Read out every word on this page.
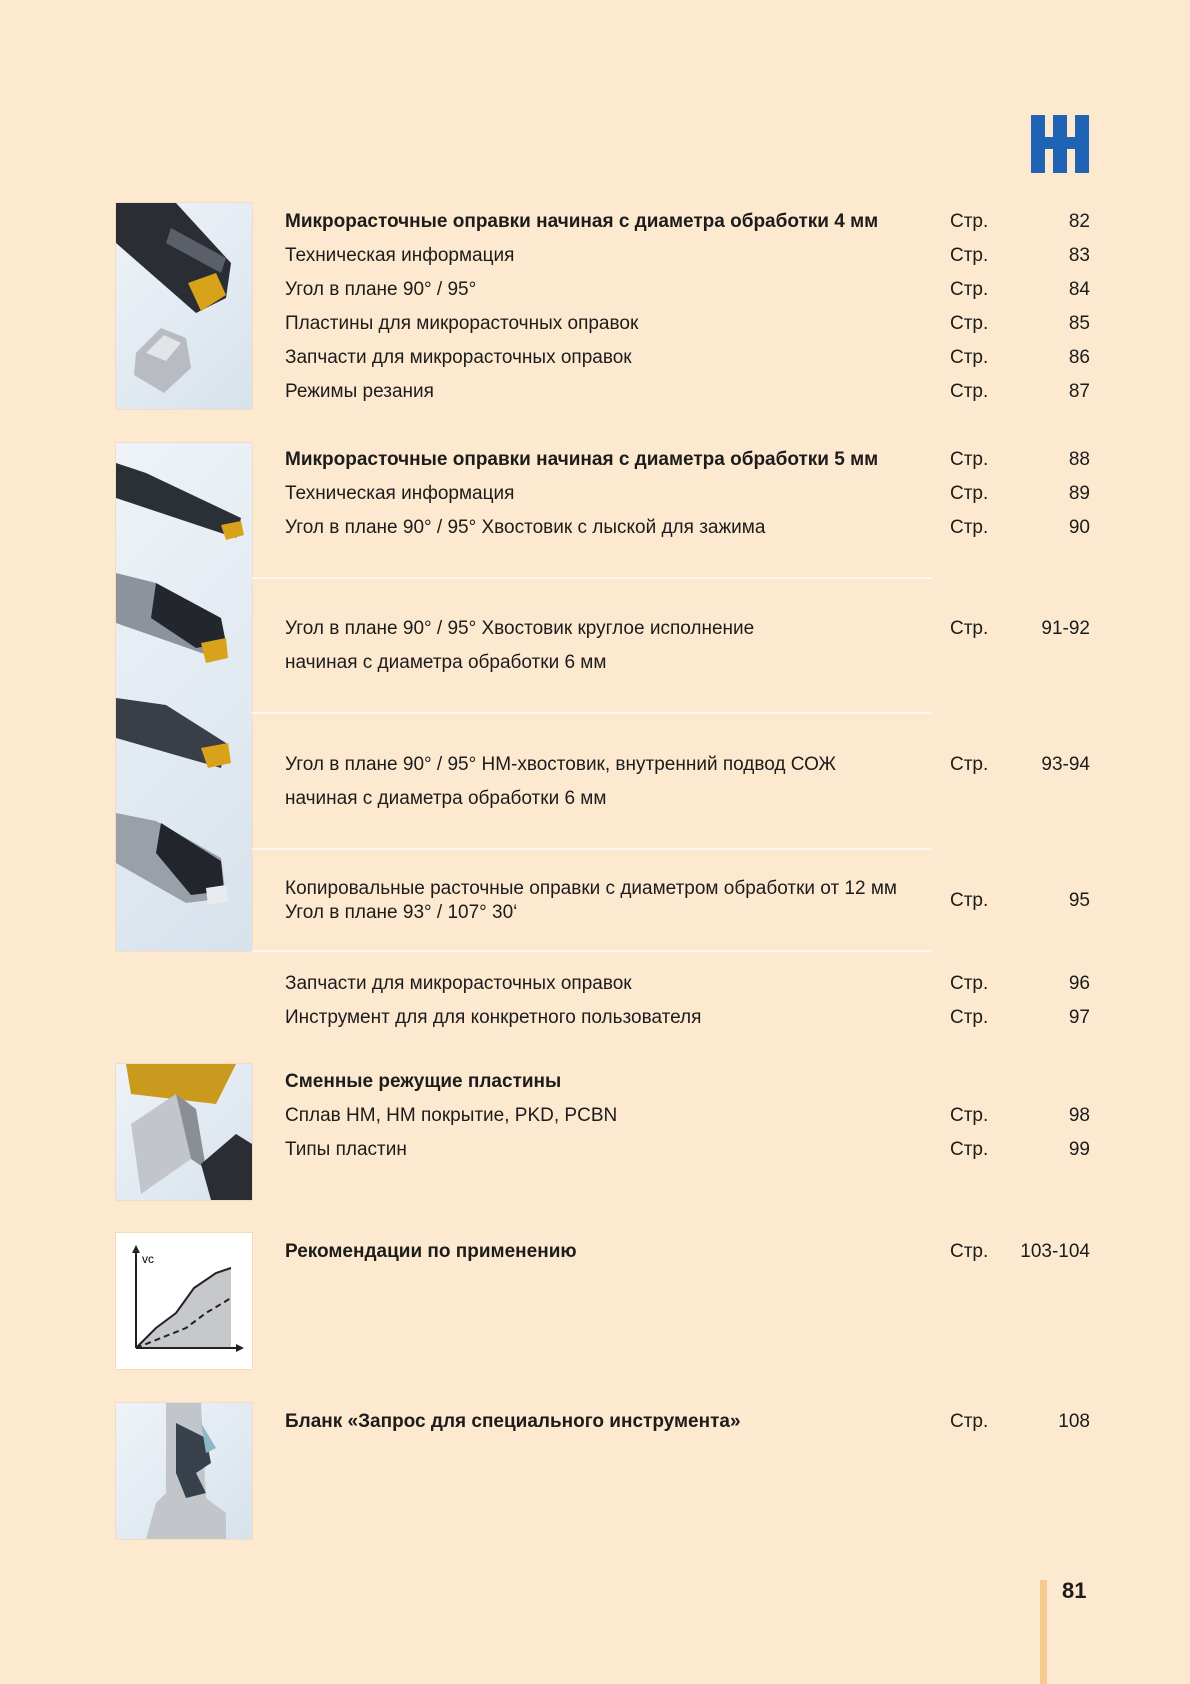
vc
Микрорасточные оправки начиная с диаметра обработки 4 мм	Стр.	82
Техническая информация	Стр.	83
Угол в плане 90° / 95°	Стр.	84
Пластины для микрорасточных оправок	Стр.	85
Запчасти для микрорасточных оправок	Стр.	86
Режимы резания	Стр.	87
Микрорасточные оправки начиная с диаметра обработки 5 мм	Стр.	88
Техническая информация	Стр.	89
Угол в плане 90° / 95° Хвостовик с лыской для зажима	Стр.	90
Угол в плане 90° / 95° Хвостовик круглое исполнение
начиная с диаметра обработки 6 мм
Стр.	91-92
Угол в плане 90° / 95° НМ-хвостовик, внутренний подвод СОЖ
начиная с диаметра обработки 6 мм
Стр.	93-94
Копировальные расточные оправки с диаметром обработки от 12 мм
Угол в плане 93° / 107° 30‘
Стр.	95
Запчасти для микрорасточных оправок	Стр.	96
Инструмент для для конкретного пользователя	Стр.	97
Сменные режущие пластины
Сплав НМ, НМ покрытие, PKD, PCBN	Стр.	98
Типы пластин	Стр.	99
Рекомендации по применению	Стр.	103-104
Бланк «Запрос для специального инструмента»	Стр.	108
81
